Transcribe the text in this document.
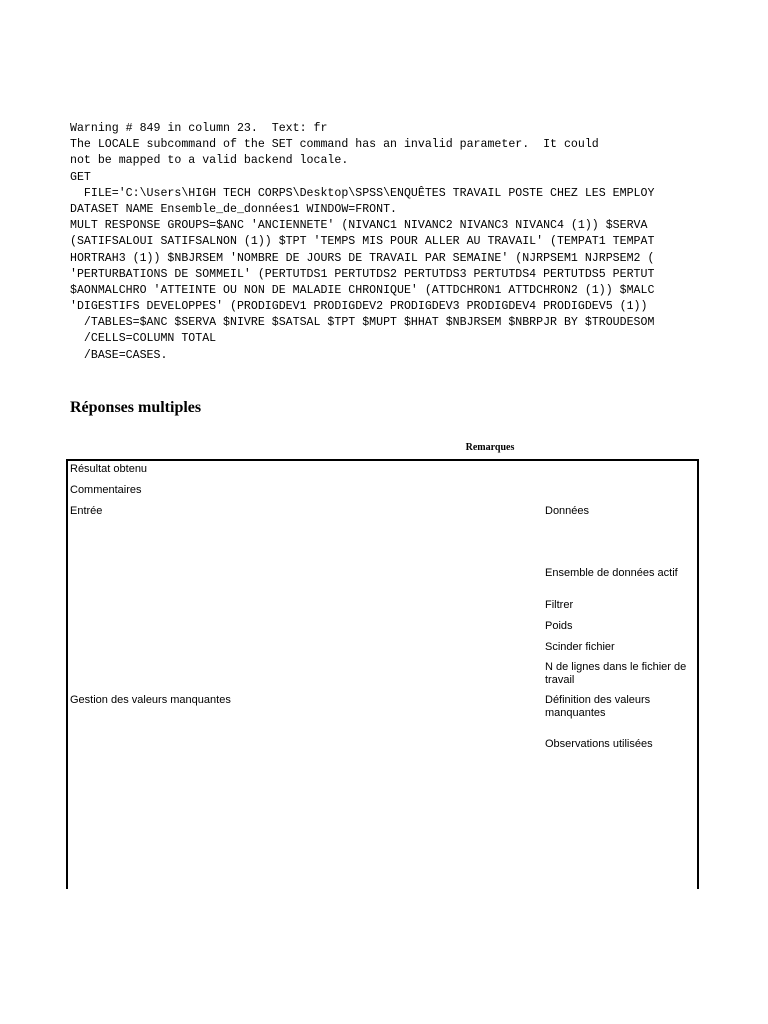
Warning # 849 in column 23.  Text: fr
The LOCALE subcommand of the SET command has an invalid parameter.  It could
not be mapped to a valid backend locale.
GET
FILE='C:\Users\HIGH TECH CORPS\Desktop\SPSS\ENQUÊTES TRAVAIL POSTE CHEZ LES EMPLOY
DATASET NAME Ensemble_de_données1 WINDOW=FRONT.
MULT RESPONSE GROUPS=$ANC 'ANCIENNETE' (NIVANC1 NIVANC2 NIVANC3 NIVANC4 (1)) $SERVA
(SATIFSALOUI SATIFSALNON (1)) $TPT 'TEMPS MIS POUR ALLER AU TRAVAIL' (TEMPAT1 TEMPAT
HORTRAH3 (1)) $NBJRSEM 'NOMBRE DE JOURS DE TRAVAIL PAR SEMAINE' (NJRPSEM1 NJRPSEM2 (
'PERTURBATIONS DE SOMMEIL' (PERTUTDS1 PERTUTDS2 PERTUTDS3 PERTUTDS4 PERTUTDS5 PERTUT
$AONMALCHRO 'ATTEINTE OU NON DE MALADIE CHRONIQUE' (ATTDCHRON1 ATTDCHRON2 (1)) $MALC
'DIGESTIFS DEVELOPPES' (PRODIGDEV1 PRODIGDEV2 PRODIGDEV3 PRODIGDEV4 PRODIGDEV5 (1))
/TABLES=$ANC $SERVA $NIVRE $SATSAL $TPT $MUPT $HHAT $NBJRSEM $NBRPJR BY $TROUDESOM
/CELLS=COLUMN TOTAL
/BASE=CASES.
Réponses multiples
Remarques
Résultat obtenu
Commentaires
Entrée	Données
Ensemble de données actif
Filtrer
Poids
Scinder fichier
N de lignes dans le fichier de travail
Gestion des valeurs manquantes	Définition des valeurs manquantes
Observations utilisées
